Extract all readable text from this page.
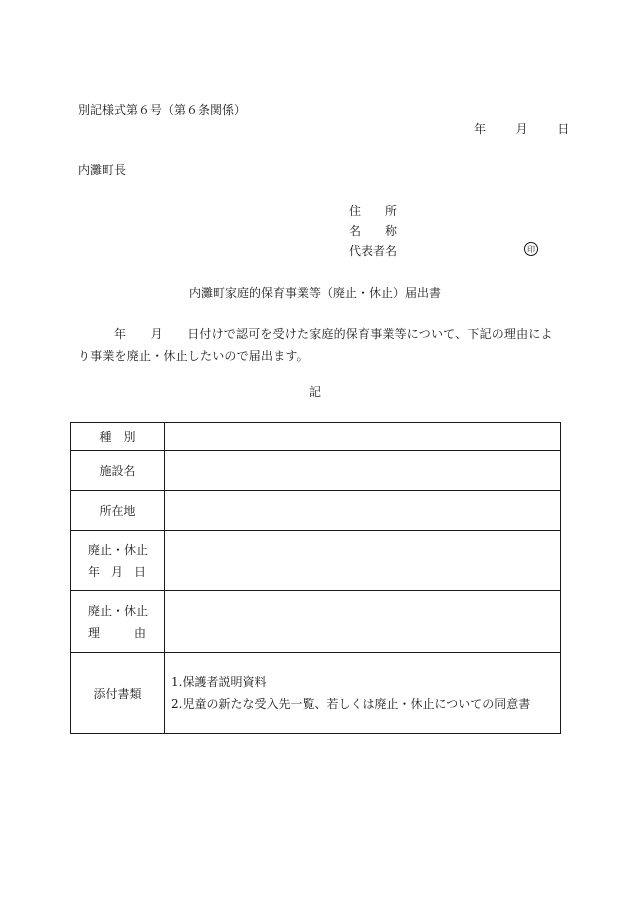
別記様式第６号（第６条関係）
年 月 日
内灘町長
住　　所
名　　称
代表者名	印
内灘町家庭的保育事業等（廃止・休止）届出書
年　　月　　日付けで認可を受けた家庭的保育事業等について、下記の理由により事業を廃止・休止したいので届出ます。
記
種　別	
施設名	
所在地	

廃止・休止
年 月 日	

廃止・休止
理 由	

添付書類	1.保護者説明資料
2.児童の新たな受入先一覧、若しくは廃止・休止についての同意書
